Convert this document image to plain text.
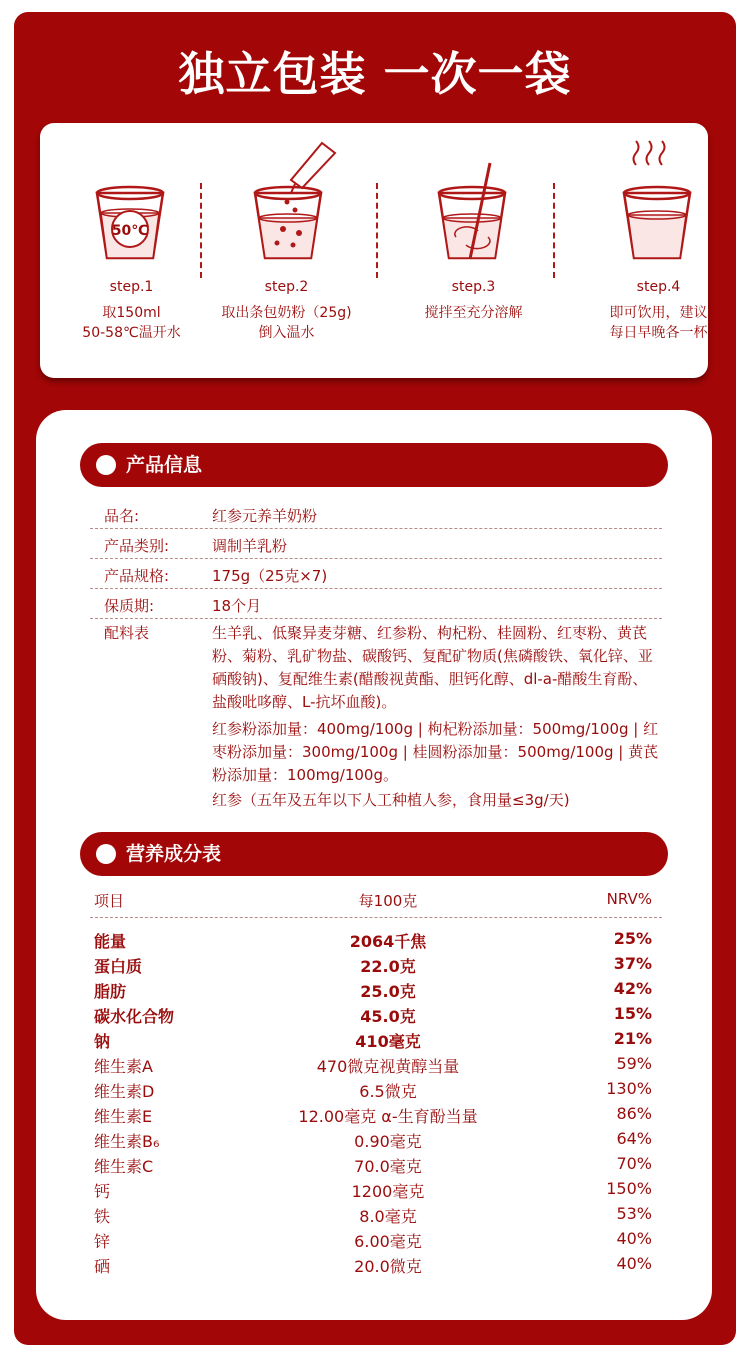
独立包装 一次一袋
50℃
step.1
取150ml
50-58℃温开水
step.2
取出条包奶粉（25g)
倒入温水
step.3
搅拌至充分溶解
step.4
即可饮用，建议
每日早晚各一杯
产品信息
品名:	红参元养羊奶粉
产品类别:	调制羊乳粉
产品规格:	175g（25克×7)
保质期:	18个月
配料表	生羊乳、低聚异麦芽糖、红参粉、枸杞粉、桂圆粉、红枣粉、黄芪粉、菊粉、乳矿物盐、碳酸钙、复配矿物质(焦磷酸铁、氧化锌、亚硒酸钠)、复配维生素(醋酸视黄酯、胆钙化醇、dl-a-醋酸生育酚、盐酸吡哆醇、L-抗坏血酸)。

红参粉添加量：400mg/100g | 枸杞粉添加量：500mg/100g | 红枣粉添加量：300mg/100g | 桂圆粉添加量：500mg/100g | 黄芪粉添加量：100mg/100g。

红参（五年及五年以下人工种植人参，食用量≤3g/天)

营养成分表
项目	每100克	NRV%
能量	2064千焦	25%
蛋白质	22.0克	37%
脂肪	25.0克	42%
碳水化合物	45.0克	15%
钠	410毫克	21%
维生素A	470微克视黄醇当量	59%
维生素D	6.5微克	130%
维生素E	12.00毫克 α-生育酚当量	86%
维生素B₆	0.90毫克	64%
维生素C	70.0毫克	70%
钙	1200毫克	150%
铁	8.0毫克	53%
锌	6.00毫克	40%
硒	20.0微克	40%
